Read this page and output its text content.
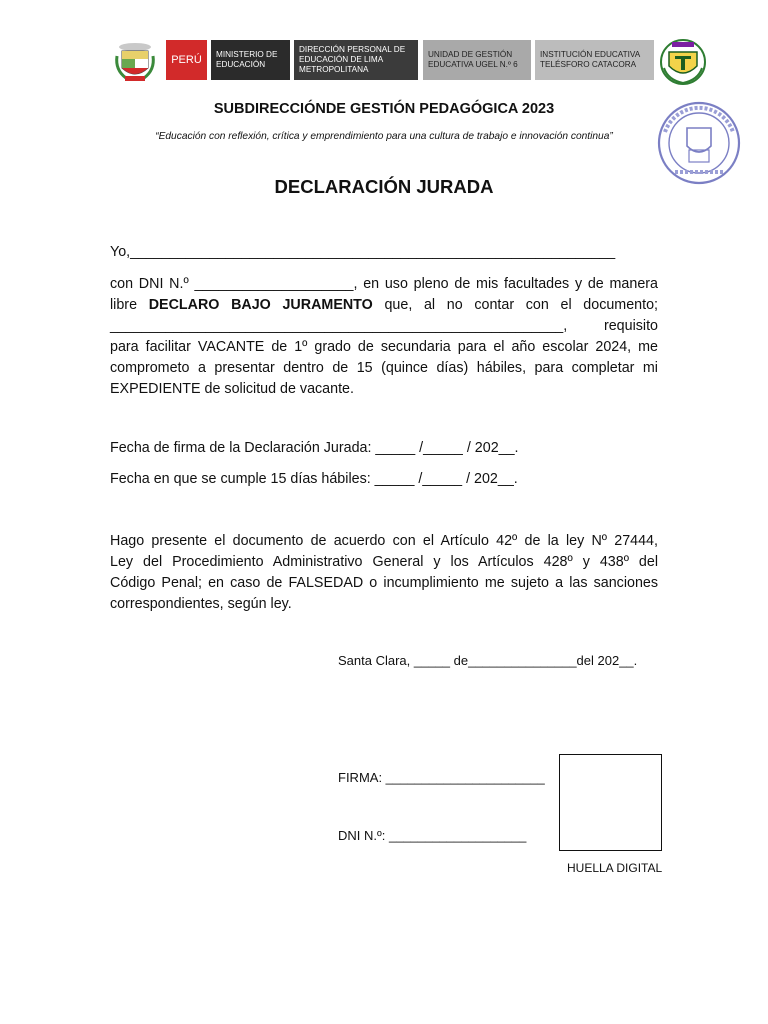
PERÚ	MINISTERIO DE EDUCACIÓN
DIRECCIÓN PERSONAL DE EDUCACIÓN DE LIMA METROPOLITANA
UNIDAD DE GESTIÓN EDUCATIVA UGEL N.º 6
INSTITUCIÓN EDUCATIVA TELÉSFORO CATACORA
SUBDIRECCIÓNDE GESTIÓN PEDAGÓGICA 2023
“Educación con reflexión, crítica y emprendimiento para una cultura de trabajo e innovación continua”
DECLARACIÓN JURADA
Yo,_____________________________________________________________
con DNI N.º ____________________, en uso pleno de mis facultades y de manera
libre DECLARO BAJO JURAMENTO que, al no contar con el documento;
_________________________________________________________,	requisito
para facilitar VACANTE de 1º grado de secundaria para el año escolar 2024, me
comprometo a presentar dentro de 15 (quince días) hábiles, para completar mi
EXPEDIENTE de solicitud de vacante.
Fecha de firma de la Declaración Jurada: _____ /_____ / 202__.
Fecha en que se cumple 15 días hábiles: _____ /_____ / 202__.
Hago presente el documento de acuerdo con el Artículo 42º de la ley Nº 27444,
Ley del Procedimiento Administrativo General y los Artículos 428º y 438º del
Código Penal; en caso de FALSEDAD o incumplimiento me sujeto a las sanciones
correspondientes, según ley.
Santa Clara, _____ de_______________del 202__.
FIRMA: ______________________
DNI N.º: ___________________
HUELLA DIGITAL
